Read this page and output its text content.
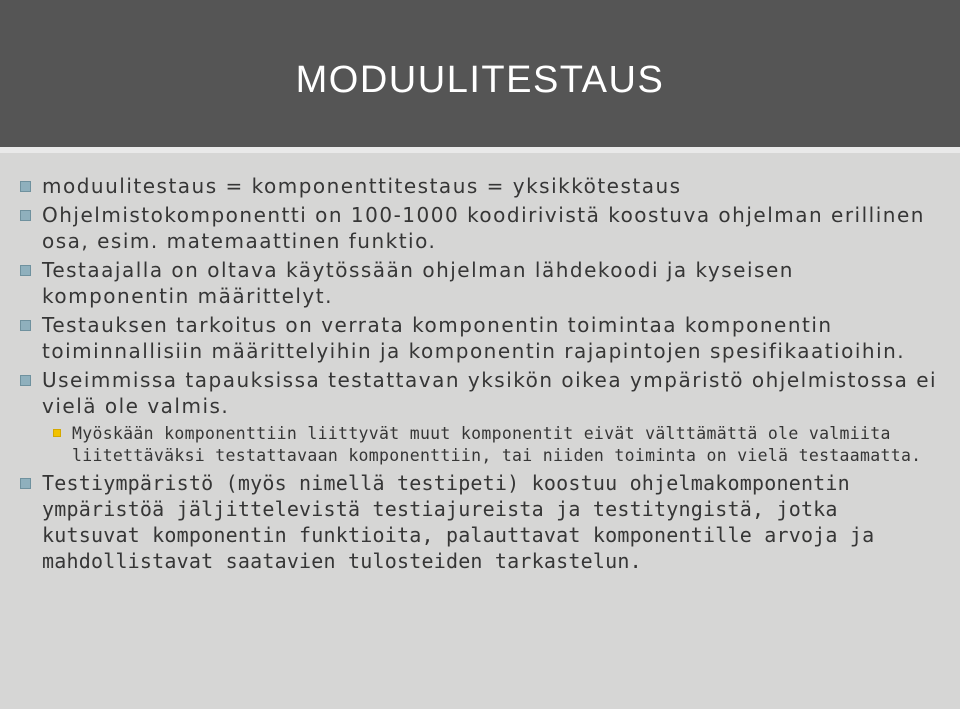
MODUULITESTAUS
moduulitestaus = komponenttitestaus = yksikkötestaus
Ohjelmistokomponentti on 100-1000 koodirivistä koostuva ohjelman erillinen osa, esim. matemaattinen funktio.
Testaajalla on oltava käytössään ohjelman lähdekoodi ja kyseisen komponentin määrittelyt.
Testauksen tarkoitus on verrata komponentin toimintaa komponentin toiminnallisiin määrittelyihin ja komponentin rajapintojen spesifikaatioihin.
Useimmissa tapauksissa testattavan yksikön oikea ympäristö ohjelmistossa ei vielä ole valmis.
Myöskään komponenttiin liittyvät muut komponentit eivät välttämättä ole valmiita liitettäväksi testattavaan komponenttiin, tai niiden toiminta on vielä testaamatta.
Testiympäristö (myös nimellä testipeti) koostuu ohjelmakomponentin ympäristöä jäljittelevistä testiajureista ja testityngistä, jotka kutsuvat komponentin funktioita, palauttavat komponentille arvoja ja mahdollistavat saatavien tulosteiden tarkastelun.
